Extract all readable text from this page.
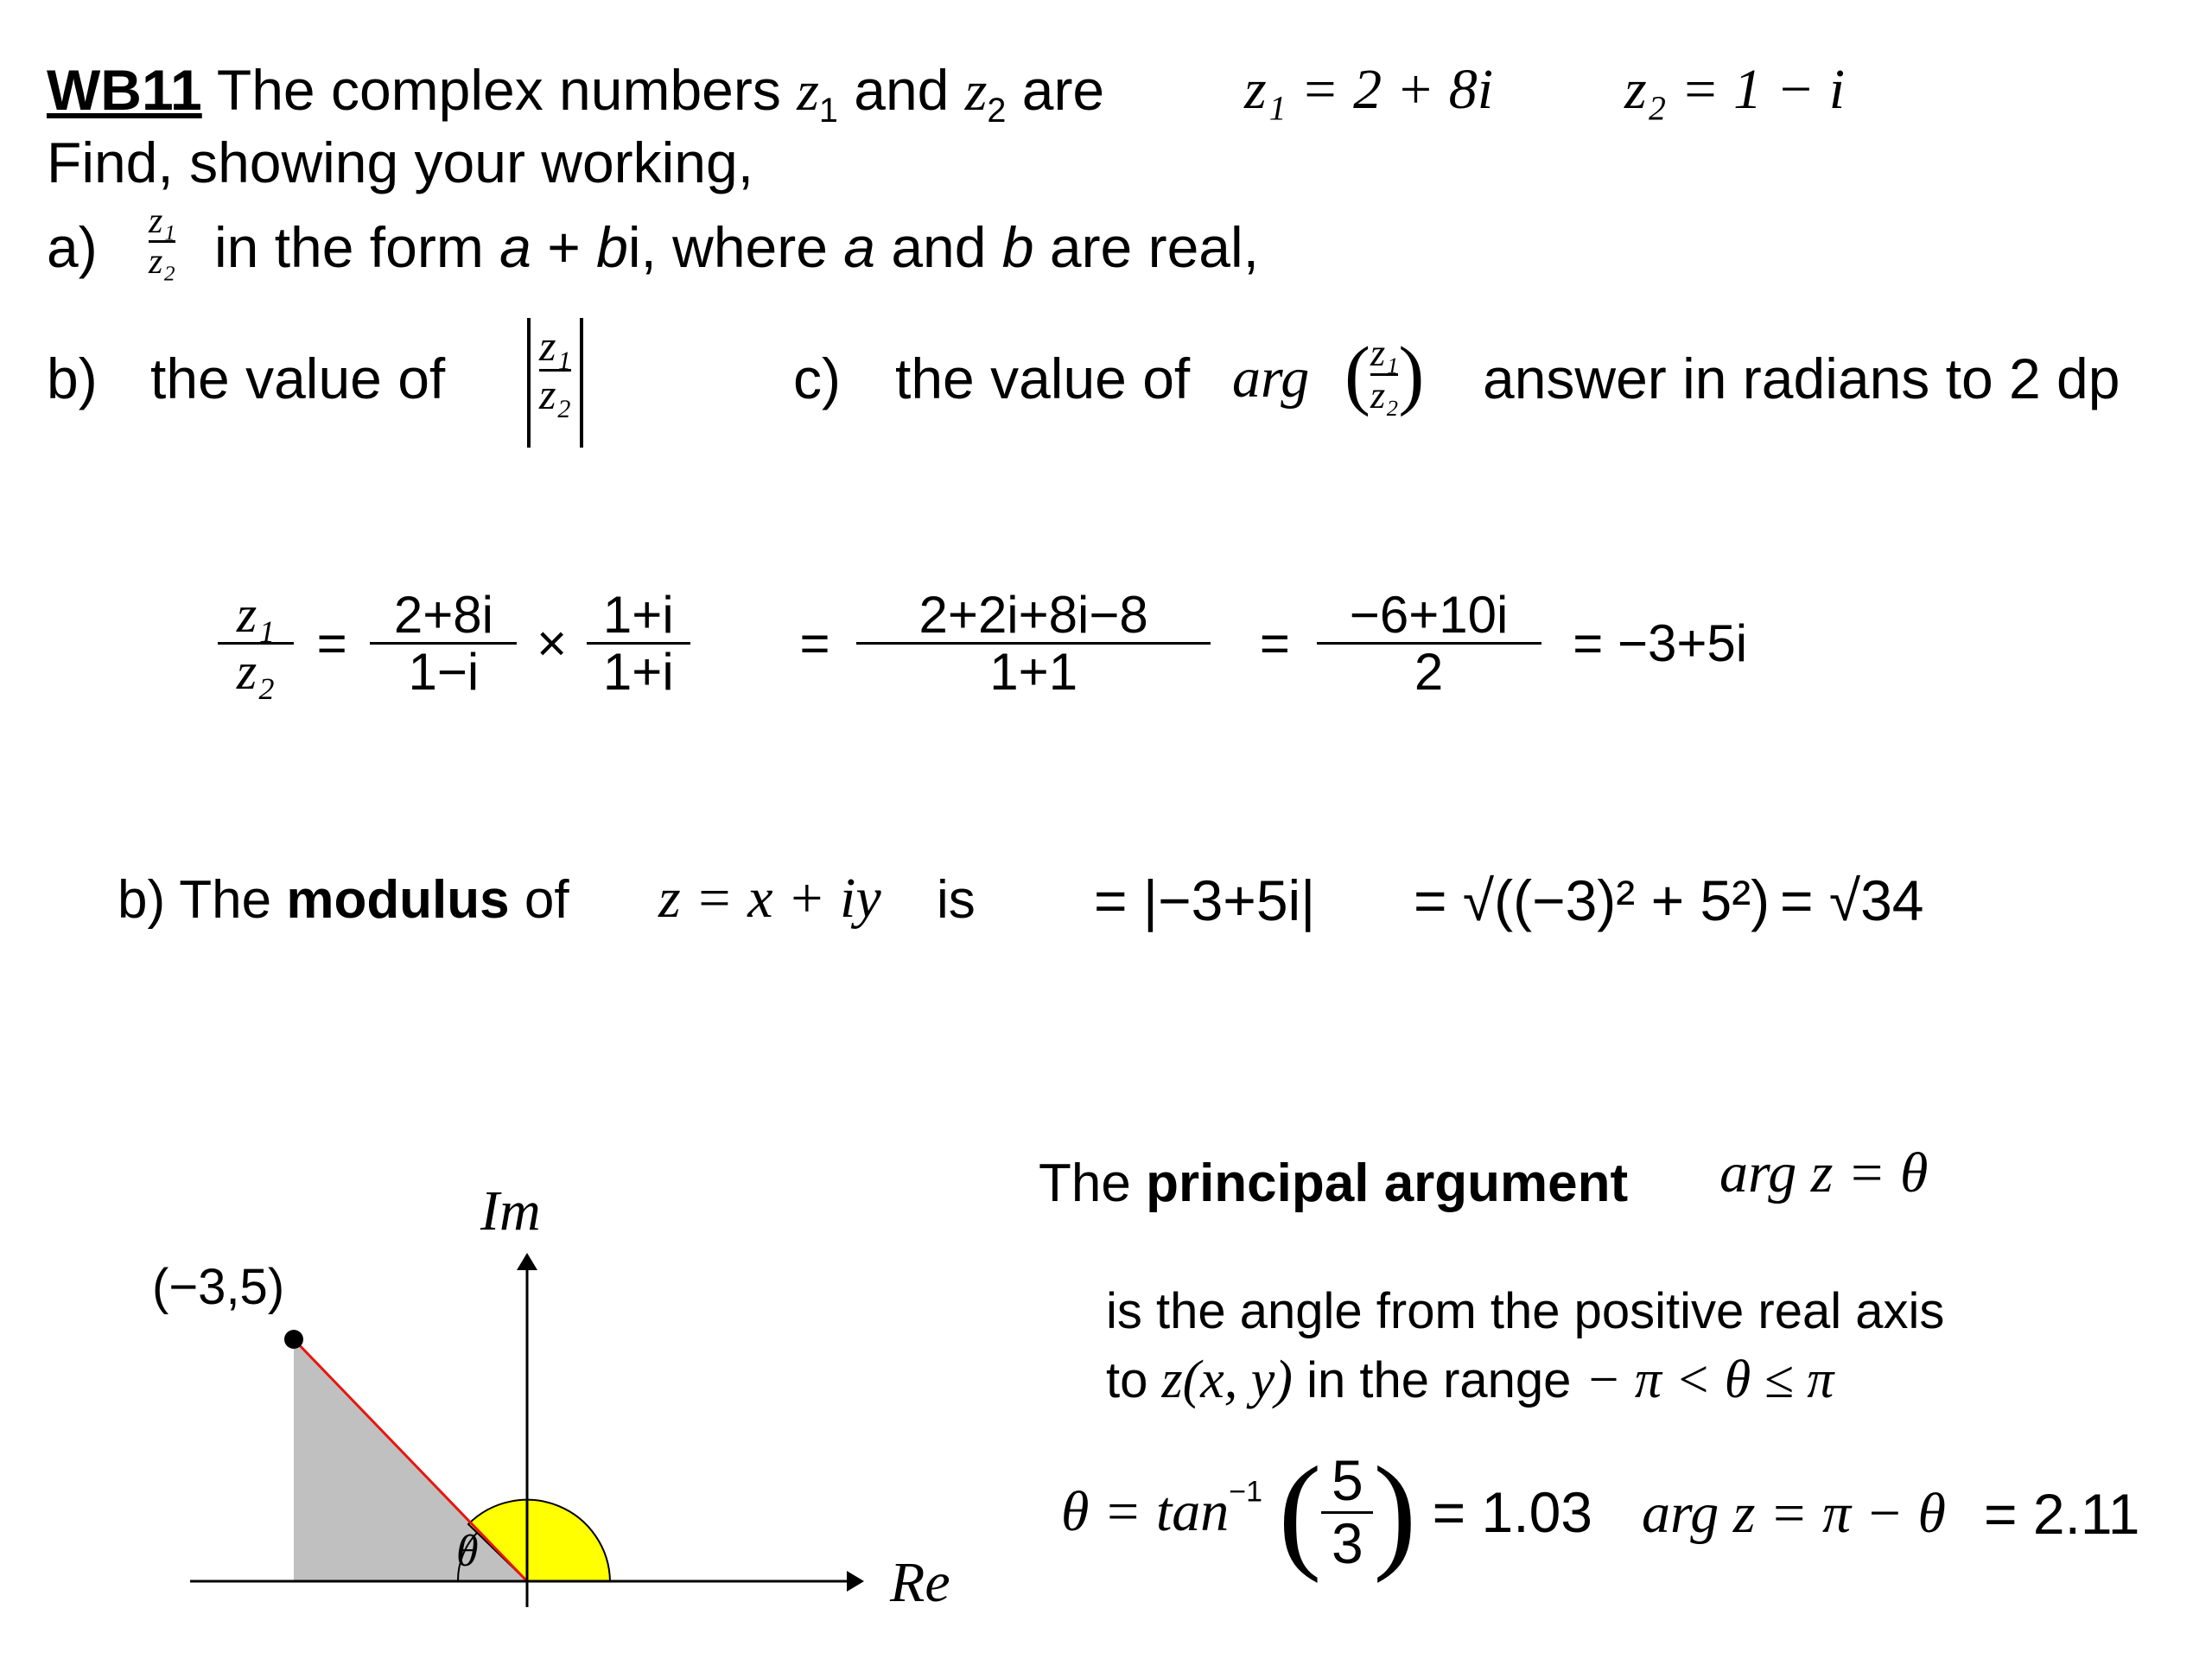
WB11 The complex numbers $z_1$ and $z_2$ are z₁ = 2 + 8i z₂ = 1 − i
Find, showing your working,
$a) \frac{\text{z₁}}{\text{z₂}}$ in the form a + bi, where a and b are real,
b) the value of $\frac{\text{z₁}}{\text{z₂}}$	c) the value of arg ( $\frac{\text{z₁}}{\text{z₂}}$ ) answer in radians to 2 dp
$\frac{\text{z₁}}{\text{z₂}} = \frac{2+8i}{1-i} \times \frac{1+i}{1+i} = \frac{2+2i+8i-8}{1+1} = \frac{-6+10i}{2} = -3+5i$
b) The modulus of z = x + iy is = |−3+5i| = √((−3)² + 5²) = √34
Im
Re
(−3,5)
θ
The principal argument arg z = θ
is the angle from the positive real axis
to z(x, y) in the range − π < θ ≤ π
$\theta = \tan^{-1}$ ( $\frac{5}{3}$ ) = 1.03 arg z = π − θ = 2.11
